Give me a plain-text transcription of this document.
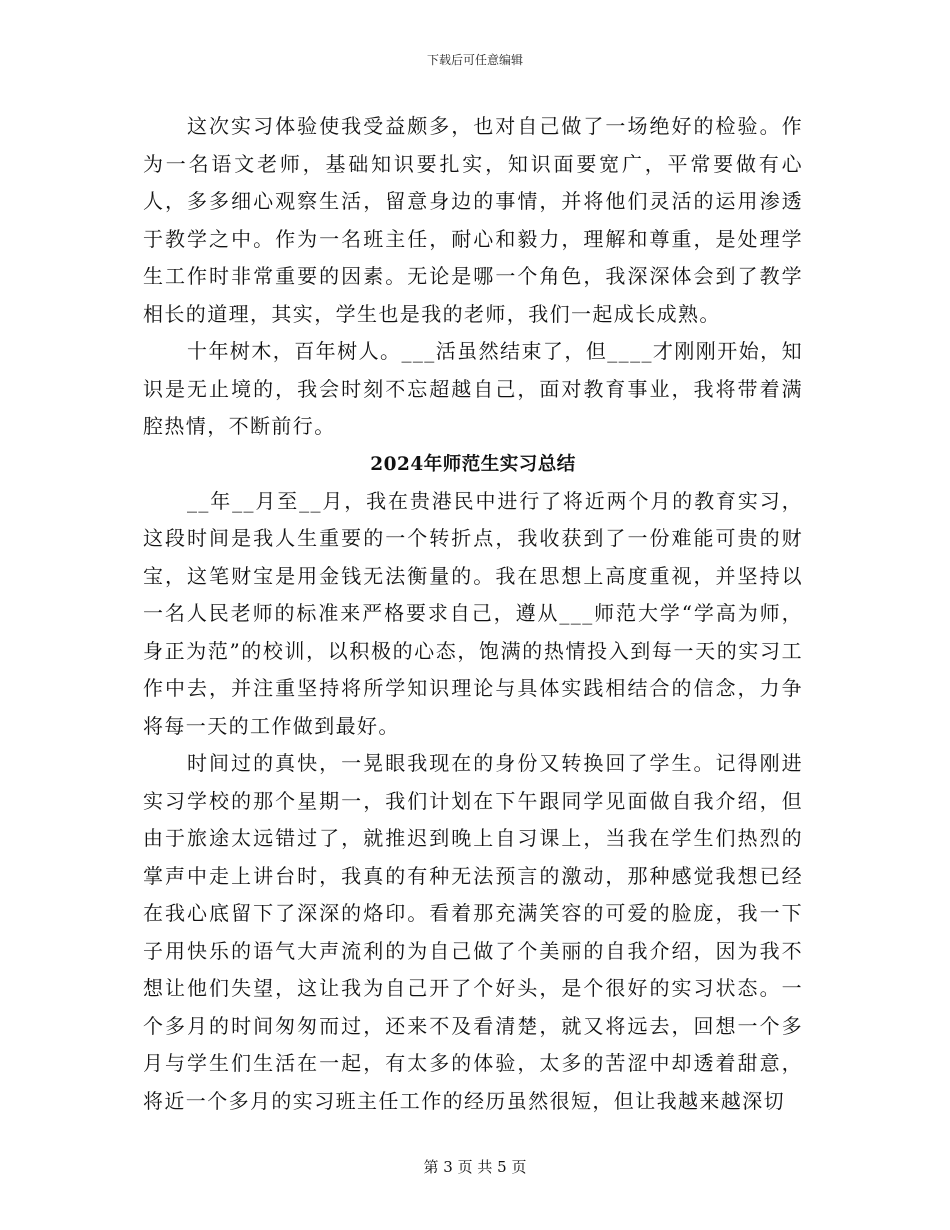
下载后可任意编辑

这次实习体验使我受益颇多，也对自己做了一场绝好的检验。作为一名语文老师，基础知识要扎实，知识面要宽广，平常要做有心人，多多细心观察生活，留意身边的事情，并将他们灵活的运用渗透于教学之中。作为一名班主任，耐心和毅力，理解和尊重，是处理学生工作时非常重要的因素。无论是哪一个角色，我深深体会到了教学相长的道理，其实，学生也是我的老师，我们一起成长成熟。

十年树木，百年树人。___活虽然结束了，但____才刚刚开始，知识是无止境的，我会时刻不忘超越自己，面对教育事业，我将带着满腔热情，不断前行。

2024年师范生实习总结

__年__月至__月，我在贵港民中进行了将近两个月的教育实习，这段时间是我人生重要的一个转折点，我收获到了一份难能可贵的财宝，这笔财宝是用金钱无法衡量的。我在思想上高度重视，并坚持以一名人民老师的标准来严格要求自己，遵从___师范大学“学高为师，身正为范”的校训，以积极的心态，饱满的热情投入到每一天的实习工作中去，并注重坚持将所学知识理论与具体实践相结合的信念，力争将每一天的工作做到最好。

时间过的真快，一晃眼我现在的身份又转换回了学生。记得刚进实习学校的那个星期一，我们计划在下午跟同学见面做自我介绍，但由于旅途太远错过了，就推迟到晚上自习课上，当我在学生们热烈的掌声中走上讲台时，我真的有种无法预言的激动，那种感觉我想已经在我心底留下了深深的烙印。看着那充满笑容的可爱的脸庞，我一下子用快乐的语气大声流利的为自己做了个美丽的自我介绍，因为我不想让他们失望，这让我为自己开了个好头，是个很好的实习状态。一个多月的时间匆匆而过，还来不及看清楚，就又将远去，回想一个多月与学生们生活在一起，有太多的体验，太多的苦涩中却透着甜意，将近一个多月的实习班主任工作的经历虽然很短，但让我越来越深切

第 3 页 共 5 页
